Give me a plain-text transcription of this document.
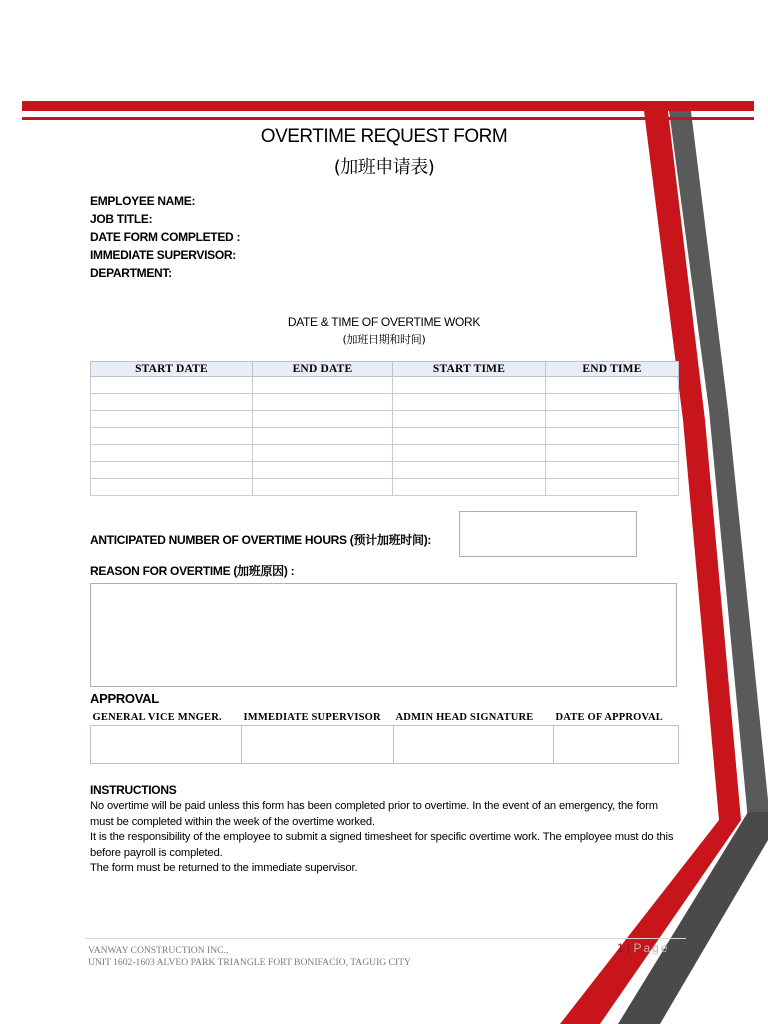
OVERTIME REQUEST FORM
(加班申请表)
EMPLOYEE NAME:
JOB TITLE:
DATE FORM COMPLETED :
IMMEDIATE SUPERVISOR:
DEPARTMENT:
DATE & TIME OF OVERTIME WORK
(加班日期和时间)
START DATE	END DATE	START TIME	END TIME

ANTICIPATED NUMBER OF OVERTIME HOURS (预计加班时间):
REASON FOR OVERTIME (加班原因) :
APPROVAL
GENERAL VICE MNGER.	IMMEDIATE SUPERVISOR	ADMIN HEAD SIGNATURE	DATE OF APPROVAL

INSTRUCTIONS

No overtime will be paid unless this form has been completed prior to overtime. In the event of an emergency, the form must be completed within the week of the overtime worked.

It is the responsibility of the employee to submit a signed timesheet for specific overtime work. The employee must do this before payroll is completed.

The form must be returned to the immediate supervisor.

VANWAY CONSTRUCTION INC.,
UNIT 1602-1603 ALVEO PARK TRIANGLE FORT BONIFACIO, TAGUIG CITY
1 | Page
